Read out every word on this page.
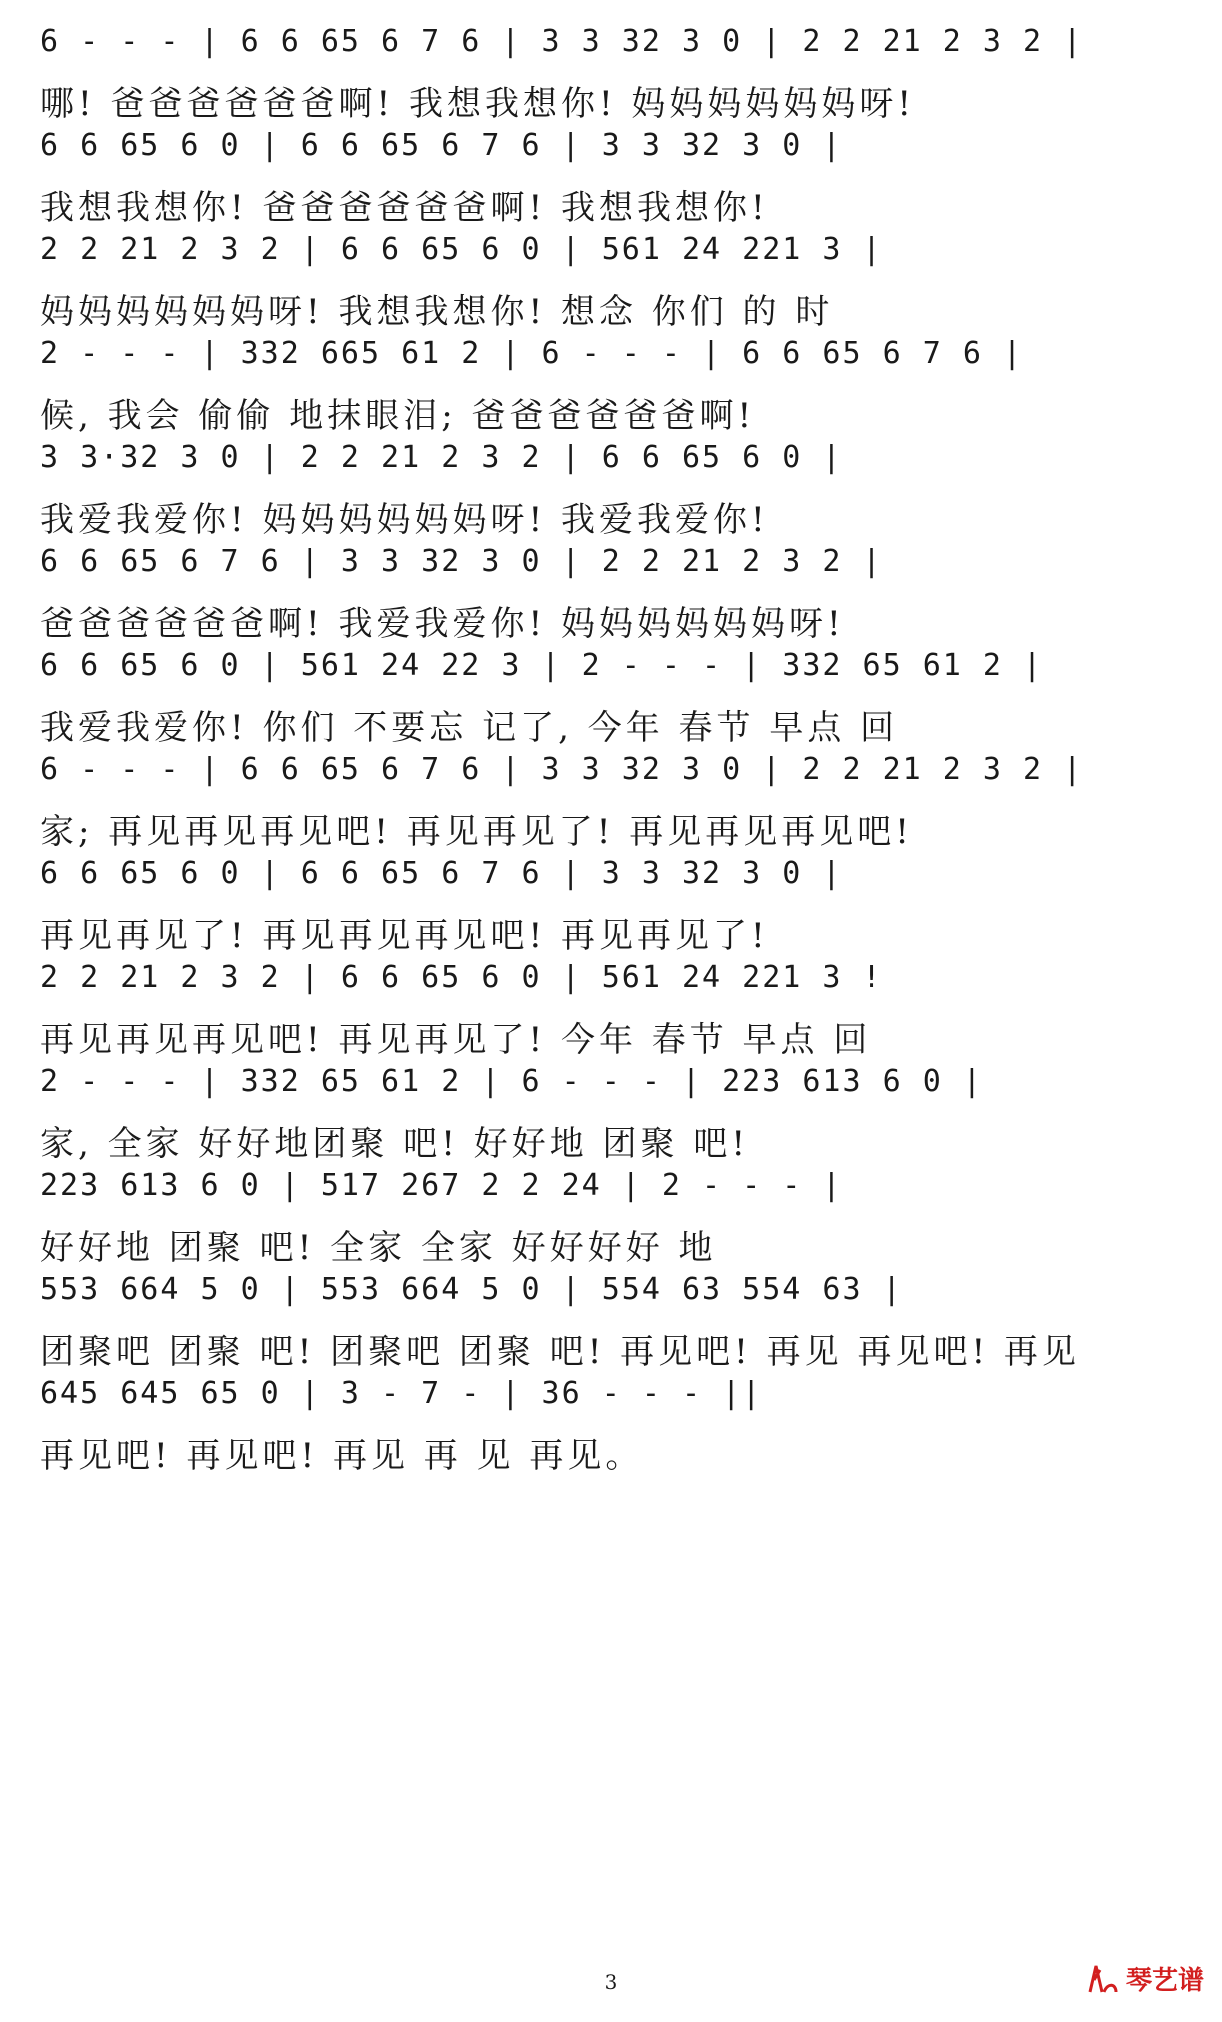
6 - - - | 6 6 65 6 7 6 | 3 3 32 3 0 | 2 2 21 2 3 2 |
哪! 爸爸爸爸爸爸啊! 我想我想你! 妈妈妈妈妈妈呀!
6 6 65 6 0 | 6 6 65 6 7 6 | 3 3 32 3 0 |
我想我想你! 爸爸爸爸爸爸啊! 我想我想你!
2 2 21 2 3 2 | 6 6 65 6 0 | 561 24 221 3 |
妈妈妈妈妈妈呀! 我想我想你! 想念 你们 的 时
2 - - - | 332 665 61 2 | 6 - - - | 6 6 65 6 7 6 |
候, 我会 偷偷 地抹眼泪; 爸爸爸爸爸爸啊!
3 3·32 3 0 | 2 2 21 2 3 2 | 6 6 65 6 0 |
我爱我爱你! 妈妈妈妈妈妈呀! 我爱我爱你!
6 6 65 6 7 6 | 3 3 32 3 0 | 2 2 21 2 3 2 |
爸爸爸爸爸爸啊! 我爱我爱你! 妈妈妈妈妈妈呀!
6 6 65 6 0 | 561 24 22 3 | 2 - - - | 332 65 61 2 |
我爱我爱你! 你们 不要忘 记了, 今年 春节 早点 回
6 - - - | 6 6 65 6 7 6 | 3 3 32 3 0 | 2 2 21 2 3 2 |
家; 再见再见再见吧! 再见再见了! 再见再见再见吧!
6 6 65 6 0 | 6 6 65 6 7 6 | 3 3 32 3 0 |
再见再见了! 再见再见再见吧! 再见再见了!
2 2 21 2 3 2 | 6 6 65 6 0 | 561 24 221 3 !
再见再见再见吧! 再见再见了! 今年 春节 早点 回
2 - - - | 332 65 61 2 | 6 - - - | 223 613 6 0 |
家, 全家 好好地团聚 吧! 好好地 团聚 吧!
223 613 6 0 | 517 267 2 2 24 | 2 - - - |
好好地 团聚 吧! 全家 全家 好好好好 地
553 664 5 0 | 553 664 5 0 | 554 63 554 63 |
团聚吧 团聚 吧! 团聚吧 团聚 吧! 再见吧! 再见 再见吧! 再见
645 645 65 0 | 3 - 7 - | 36 - - - ||
再见吧! 再见吧! 再见 再 见 再见。
3	琴艺谱
